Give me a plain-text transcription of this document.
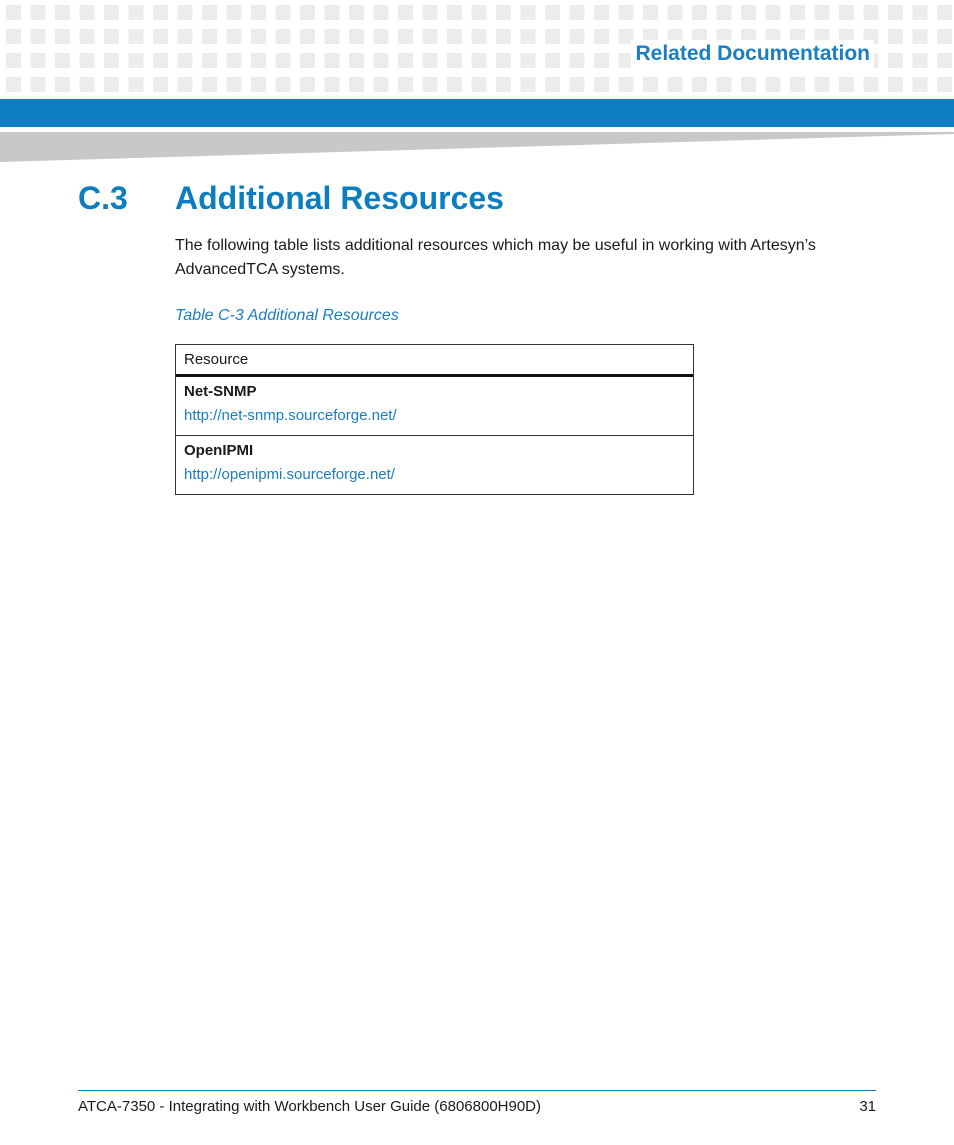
Related Documentation
C.3	Additional Resources
The following table lists additional resources which may be useful in working with Artesyn’s AdvancedTCA systems.
Table C-3 Additional Resources
Resource
Net-SNMP
http://net-snmp.sourceforge.net/
OpenIPMI
http://openipmi.sourceforge.net/
ATCA-7350 - Integrating with Workbench User Guide (6806800H90D)	31
